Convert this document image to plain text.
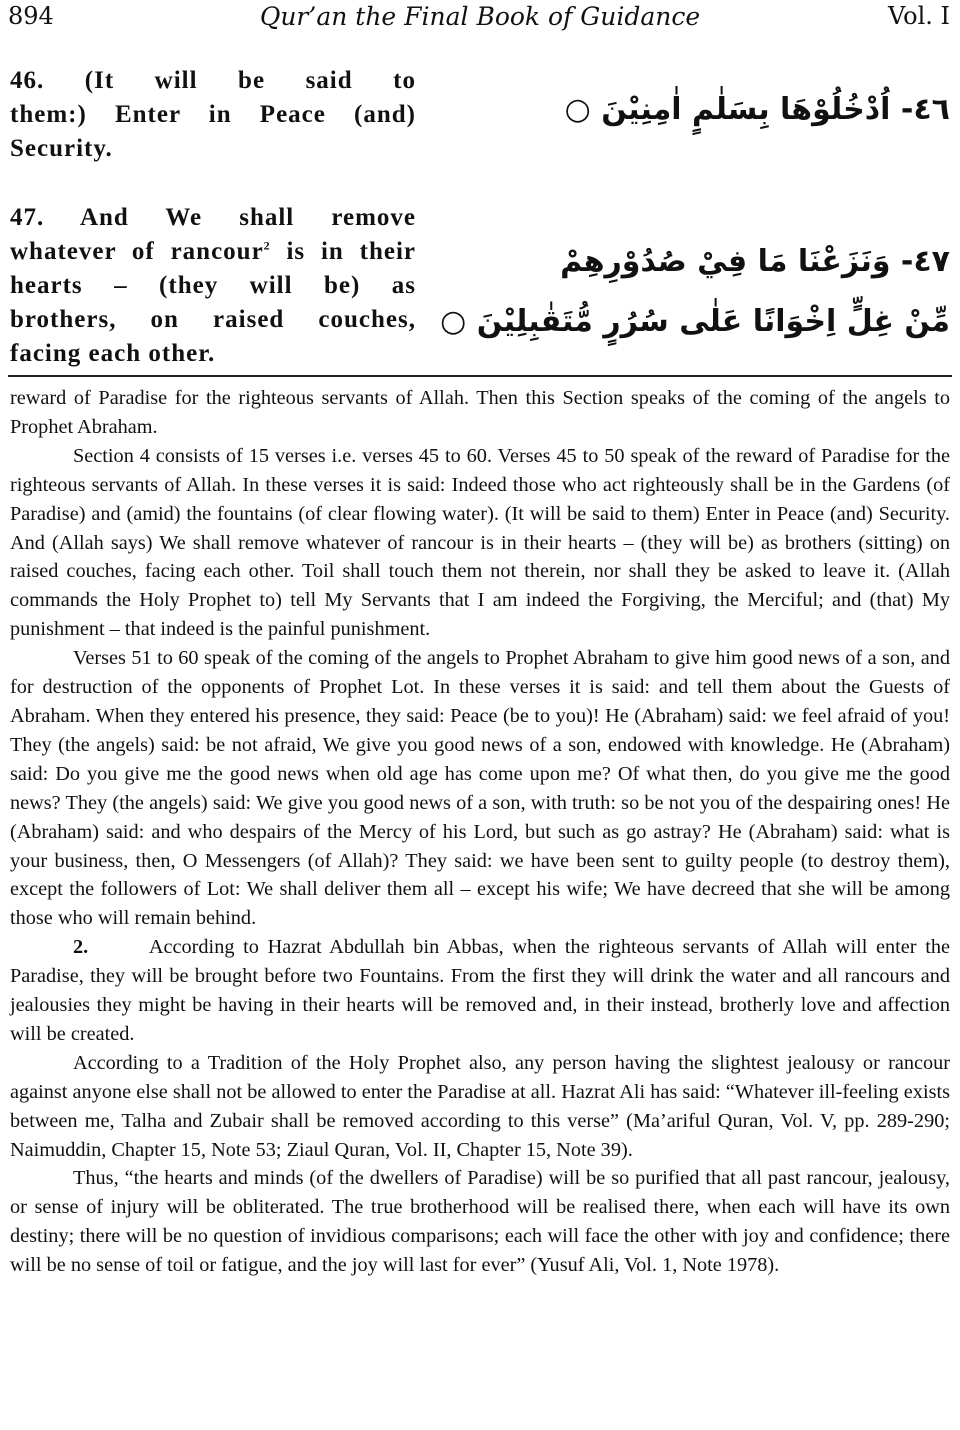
894	Qur’an the Final Book of Guidance	Vol. I
46. (It will be said to
them:) Enter in Peace (and)
Security.
٤٦- اُدْخُلُوْهَا بِسَلٰمٍ اٰمِنِيْنَ ○
47. And We shall remove
whatever of rancour$^2$ is in their
hearts – (they will be) as
brothers, on raised couches,
facing each other.
٤٧- وَنَزَعْنَا مَا فِيْ صُدُوْرِهِمْ
مِّنْ غِلٍّ اِخْوَانًا عَلٰى سُرُرٍ مُّتَقٰبِلِيْنَ ○

reward of Paradise for the righteous servants of Allah. Then this Section speaks of the coming of the angels to Prophet Abraham.

Section 4 consists of 15 verses i.e. verses 45 to 60. Verses 45 to 50 speak of the reward of Paradise for the righteous servants of Allah. In these verses it is said: Indeed those who act righteously shall be in the Gardens (of Paradise) and (amid) the fountains (of clear flowing water). (It will be said to them) Enter in Peace (and) Security. And (Allah says) We shall remove whatever of rancour is in their hearts – (they will be) as brothers (sitting) on raised couches, facing each other. Toil shall touch them not therein, nor shall they be asked to leave it. (Allah commands the Holy Prophet to) tell My Servants that I am indeed the Forgiving, the Merciful; and (that) My punishment – that indeed is the painful punishment.

Verses 51 to 60 speak of the coming of the angels to Prophet Abraham to give him good news of a son, and for destruction of the opponents of Prophet Lot. In these verses it is said: and tell them about the Guests of Abraham. When they entered his presence, they said: Peace (be to you)! He (Abraham) said: we feel afraid of you! They (the angels) said: be not afraid, We give you good news of a son, endowed with knowledge. He (Abraham) said: Do you give me the good news when old age has come upon me? Of what then, do you give me the good news? They (the angels) said: We give you good news of a son, with truth: so be not you of the despairing ones! He (Abraham) said: and who despairs of the Mercy of his Lord, but such as go astray? He (Abraham) said: what is your business, then, O Messengers (of Allah)? They said: we have been sent to guilty people (to destroy them), except the followers of Lot: We shall deliver them all – except his wife; We have decreed that she will be among those who will remain behind.

2.	According to Hazrat Abdullah bin Abbas, when the righteous servants of Allah will enter the Paradise, they will be brought before two Fountains. From the first they will drink the water and all rancours and jealousies they might be having in their hearts will be removed and, in their instead, brotherly love and affection will be created.

According to a Tradition of the Holy Prophet also, any person having the slightest jealousy or rancour against anyone else shall not be allowed to enter the Paradise at all. Hazrat Ali has said: “Whatever ill-feeling exists between me, Talha and Zubair shall be removed according to this verse” (Ma’ariful Quran, Vol. V, pp. 289-290; Naimuddin, Chapter 15, Note 53; Ziaul Quran, Vol. II, Chapter 15, Note 39).

Thus, “the hearts and minds (of the dwellers of Paradise) will be so purified that all past rancour, jealousy, or sense of injury will be obliterated. The true brotherhood will be realised there, when each will have its own destiny; there will be no question of invidious comparisons; each will face the other with joy and confidence; there will be no sense of toil or fatigue, and the joy will last for ever” (Yusuf Ali, Vol. 1, Note 1978).
